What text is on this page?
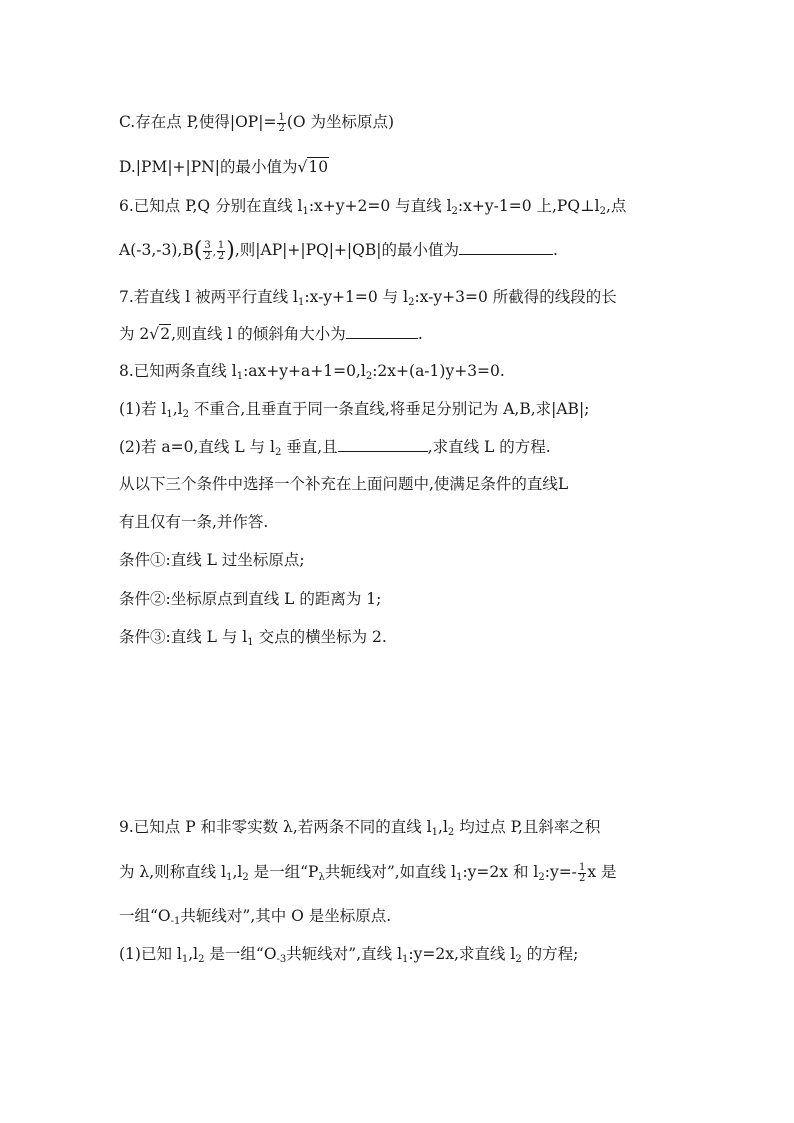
C.存在点 P,使得$|OP|= \frac{1}{2} (O$ 为坐标原点)
D.|PM|+|PN|的最小值为√10
6.已知点 P,Q 分别在直线 $l_1:x+y+2=0$ 与直线 $l_2:x+y-1=0$ 上$,PQ\perp l_2$,点
$A(-3,-3),B( \frac{3}{2}$ , $\frac{1}{2}$ ),则|AP|+|PQ|+|QB|的最小值为	.
7.若直线 l 被两平行直线 $l_1:x-y+1=0$ 与 $l_2:x-y+3=0$ 所截得的线段的长
为 2√2,则直线 l 的倾斜角大小为	.
8.已知两条直线 $l_1:ax+y+a+1=0,l_2:2x+(a-1)y+3=0$.
(1)若 $l_1,l_2$ 不重合,且垂直于同一条直线,将垂足分别记为 A,B,求|AB|;
(2)若 a=0,直线 L 与 $l_2$ 垂直,且	,求直线 L 的方程.
从以下三个条件中选择一个补充在上面问题中,使满足条件的直线L
有且仅有一条,并作答.
条件①:直线 L 过坐标原点;
条件②:坐标原点到直线 L 的距离为 1;
条件③:直线 L 与 $l_1$ 交点的横坐标为 2.
9.已知点 P 和非零实数 λ,若两条不同的直线 $l_1,l_2$ 均过点 P,且斜率之积
为 λ,则称直线 $l_1,l_2$ 是一组“$P_\lambda$共轭线对”,如直线 $l_1:y=2x$ 和 $l_2:y=- \frac{1}{2}$ x 是
一组“$O_{-1}$共轭线对”,其中 O 是坐标原点.
(1)已知 $l_1,l_2$ 是一组“$O_{-3}$共轭线对”,直线 $l_1:y=2x$,求直线 $l_2$ 的方程;
